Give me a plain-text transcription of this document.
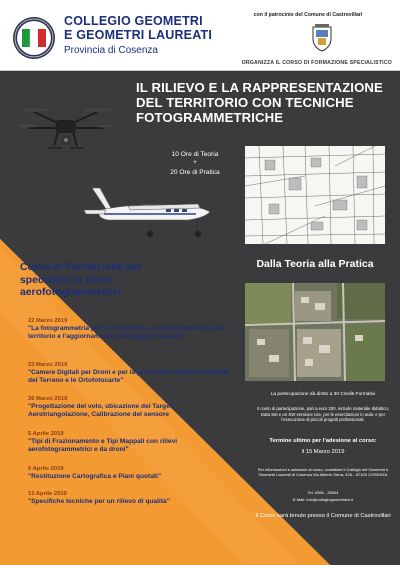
COLLEGIO GEOMETRI

E GEOMETRI LAUREATI

Provincia di Cosenza

con il patrocinio del Comune di Castrovillari
ORGANIZZA IL CORSO DI FORMAZIONE SPECIALISTICO
IL RILIEVO E LA RAPPRESENTAZIONE DEL TERRITORIO CON TECNICHE FOTOGRAMMETRICHE

10 Ore di Teoria

+

20 Ore di Pratica

Dalla Teoria alla Pratica

Corso di Formazione per specialisti in rilievi aerofotogrammetrici

22 Marzo 2019

"La fotogrammetria per la conoscenza, la rappresentazione del territorio e l'aggiornamento delle mappe catastali"

23 Marzo 2019

"Camere Digitali per Droni e per la produzione di Modelli Digitali del Terreno e le Ortofotocarte"

26 Marzo 2019

"Progettazione del volo, ubicazione dei Target, Aerotriangolazione, Calibrazione del sensore

5 Aprile 2019

"Tipi di Frazionamento e Tipi Mappali con rilievi aerofotogrammetrici e da droni"

6 Aprile 2019

"Restituzione Cartografica e Piani quotati"

13 Aprile 2019

"Specifiche tecniche per un rilievo di qualità"

La partecipazione dà diritto a 30 Crediti Formativi

Il costo di partecipazione, pari a euro 200, include materiale didattico, Data Set e un SW versione Lite, per le esercitazioni in aula, e per l'esecuzione di piccoli progetti professionali.

Termine ultimo per l'adesione al corso:

il 15 Marzo 2019

Per informazioni e adesione al corso, contattare il Collegio dei Geometri e Geometri Laureati di Cosenza Via Alberto Serra, 42A - 87100 COSENZA

Tel. 0984 - 25004

E-Mail: info@collegiogeometrics.it

Il Corso sarà tenuto presso il Comune di Castrovillari
